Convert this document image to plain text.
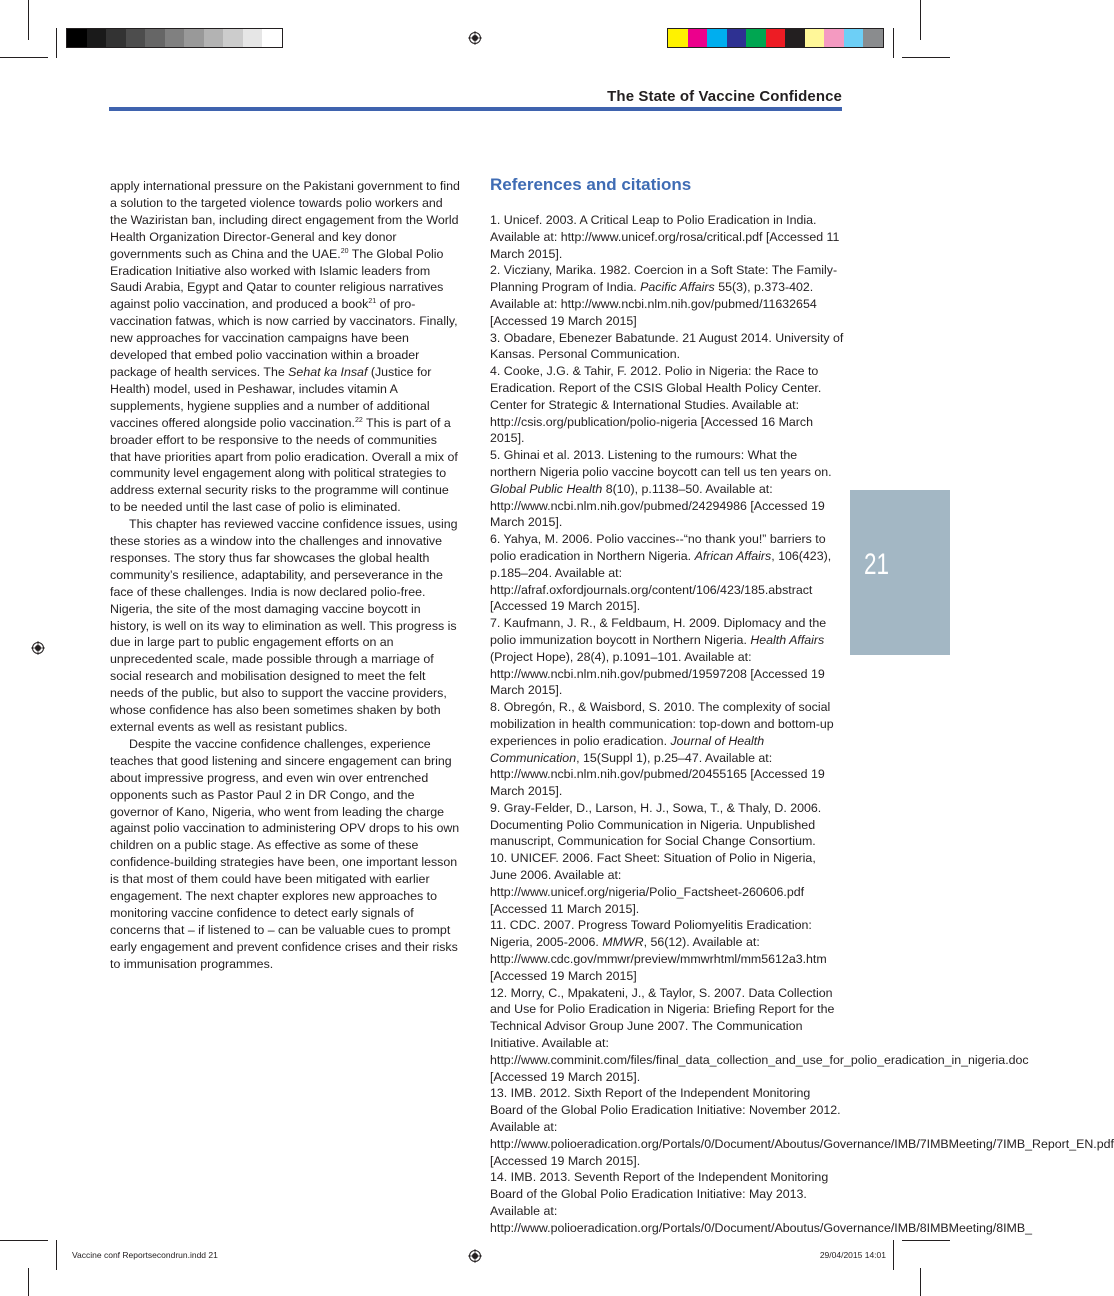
The State of Vaccine Confidence

apply international pressure on the Pakistani government to find a solution to the targeted violence towards polio workers and the Waziristan ban, including direct engagement from the World Health Organization Director-General and key donor governments such as China and the UAE.$^{20}$ The Global Polio Eradication Initiative also worked with Islamic leaders from Saudi Arabia, Egypt and Qatar to counter religious narratives against polio vaccination, and produced a book$^{21}$ of pro-vaccination fatwas, which is now carried by vaccinators. Finally, new approaches for vaccination campaigns have been developed that embed polio vaccination within a broader package of health services. The Sehat ka Insaf (Justice for Health) model, used in Peshawar, includes vitamin A supplements, hygiene supplies and a number of additional vaccines offered alongside polio vaccination.$^{22}$ This is part of a broader effort to be responsive to the needs of communities that have priorities apart from polio eradication. Overall a mix of community level engagement along with political strategies to address external security risks to the programme will continue to be needed until the last case of polio is eliminated.

This chapter has reviewed vaccine confidence issues, using these stories as a window into the challenges and innovative responses. The story thus far showcases the global health community’s resilience, adaptability, and perseverance in the face of these challenges. India is now declared polio-free. Nigeria, the site of the most damaging vaccine boycott in history, is well on its way to elimination as well. This progress is due in large part to public engagement efforts on an unprecedented scale, made possible through a marriage of social research and mobilisation designed to meet the felt needs of the public, but also to support the vaccine providers, whose confidence has also been sometimes shaken by both external events as well as resistant publics.

Despite the vaccine confidence challenges, experience teaches that good listening and sincere engagement can bring about impressive progress, and even win over entrenched opponents such as Pastor Paul 2 in DR Congo, and the governor of Kano, Nigeria, who went from leading the charge against polio vaccination to administering OPV drops to his own children on a public stage. As effective as some of these confidence-building strategies have been, one important lesson is that most of them could have been mitigated with earlier engagement. The next chapter explores new approaches to monitoring vaccine confidence to detect early signals of concerns that – if listened to – can be valuable cues to prompt early engagement and prevent confidence crises and their risks to immunisation programmes.

References and citations

1. Unicef. 2003. A Critical Leap to Polio Eradication in India. Available at: http://www.unicef.org/rosa/critical.pdf [Accessed 11 March 2015].

2. Vicziany, Marika. 1982. Coercion in a Soft State: The Family-Planning Program of India. Pacific Affairs 55(3), p.373-402. Available at: http://www.ncbi.nlm.nih.gov/pubmed/11632654 [Accessed 19 March 2015]

3. Obadare, Ebenezer Babatunde. 21 August 2014. University of Kansas. Personal Communication.

4. Cooke, J.G. & Tahir, F. 2012. Polio in Nigeria: the Race to Eradication. Report of the CSIS Global Health Policy Center. Center for Strategic & International Studies. Available at: http://csis.org/publication/polio-nigeria [Accessed 16 March 2015].

5. Ghinai et al. 2013. Listening to the rumours: What the northern Nigeria polio vaccine boycott can tell us ten years on. Global Public Health 8(10), p.1138–50. Available at: http://www.ncbi.nlm.nih.gov/pubmed/24294986 [Accessed 19 March 2015].

6. Yahya, M. 2006. Polio vaccines--“no thank you!” barriers to polio eradication in Northern Nigeria. African Affairs, 106(423), p.185–204. Available at: http://afraf.oxfordjournals.org/content/106/423/185.abstract [Accessed 19 March 2015].

7. Kaufmann, J. R., & Feldbaum, H. 2009. Diplomacy and the polio immunization boycott in Northern Nigeria. Health Affairs (Project Hope), 28(4), p.1091–101. Available at: http://www.ncbi.nlm.nih.gov/pubmed/19597208 [Accessed 19 March 2015].

8. Obregón, R., & Waisbord, S. 2010. The complexity of social mobilization in health communication: top-down and bottom-up experiences in polio eradication. Journal of Health Communication, 15(Suppl 1), p.25–47. Available at: http://www.ncbi.nlm.nih.gov/pubmed/20455165 [Accessed 19 March 2015].

9. Gray-Felder, D., Larson, H. J., Sowa, T., & Thaly, D. 2006. Documenting Polio Communication in Nigeria. Unpublished manuscript, Communication for Social Change Consortium.

10. UNICEF. 2006. Fact Sheet: Situation of Polio in Nigeria, June 2006. Available at: http://www.unicef.org/nigeria/Polio_Factsheet-260606.pdf [Accessed 11 March 2015].

11. CDC. 2007. Progress Toward Poliomyelitis Eradication: Nigeria, 2005-2006. MMWR, 56(12). Available at: http://www.cdc.gov/mmwr/preview/mmwrhtml/mm5612a3.htm [Accessed 19 March 2015]

12. Morry, C., Mpakateni, J., & Taylor, S. 2007. Data Collection and Use for Polio Eradication in Nigeria: Briefing Report for the Technical Advisor Group June 2007. The Communication Initiative. Available at: http://www.comminit.com/files/final_data_collection_and_use_for_polio_eradication_in_nigeria.doc [Accessed 19 March 2015].

13. IMB. 2012. Sixth Report of the Independent Monitoring Board of the Global Polio Eradication Initiative: November 2012. Available at: http://www.polioeradication.org/Portals/0/Document/Aboutus/Governance/IMB/7IMBMeeting/7IMB_Report_EN.pdf [Accessed 19 March 2015].

14. IMB. 2013. Seventh Report of the Independent Monitoring Board of the Global Polio Eradication Initiative: May 2013. Available at: http://www.polioeradication.org/Portals/0/Document/Aboutus/Governance/IMB/8IMBMeeting/8IMB_

21
Vaccine conf Reportsecondrun.indd 21	29/04/2015 14:01
